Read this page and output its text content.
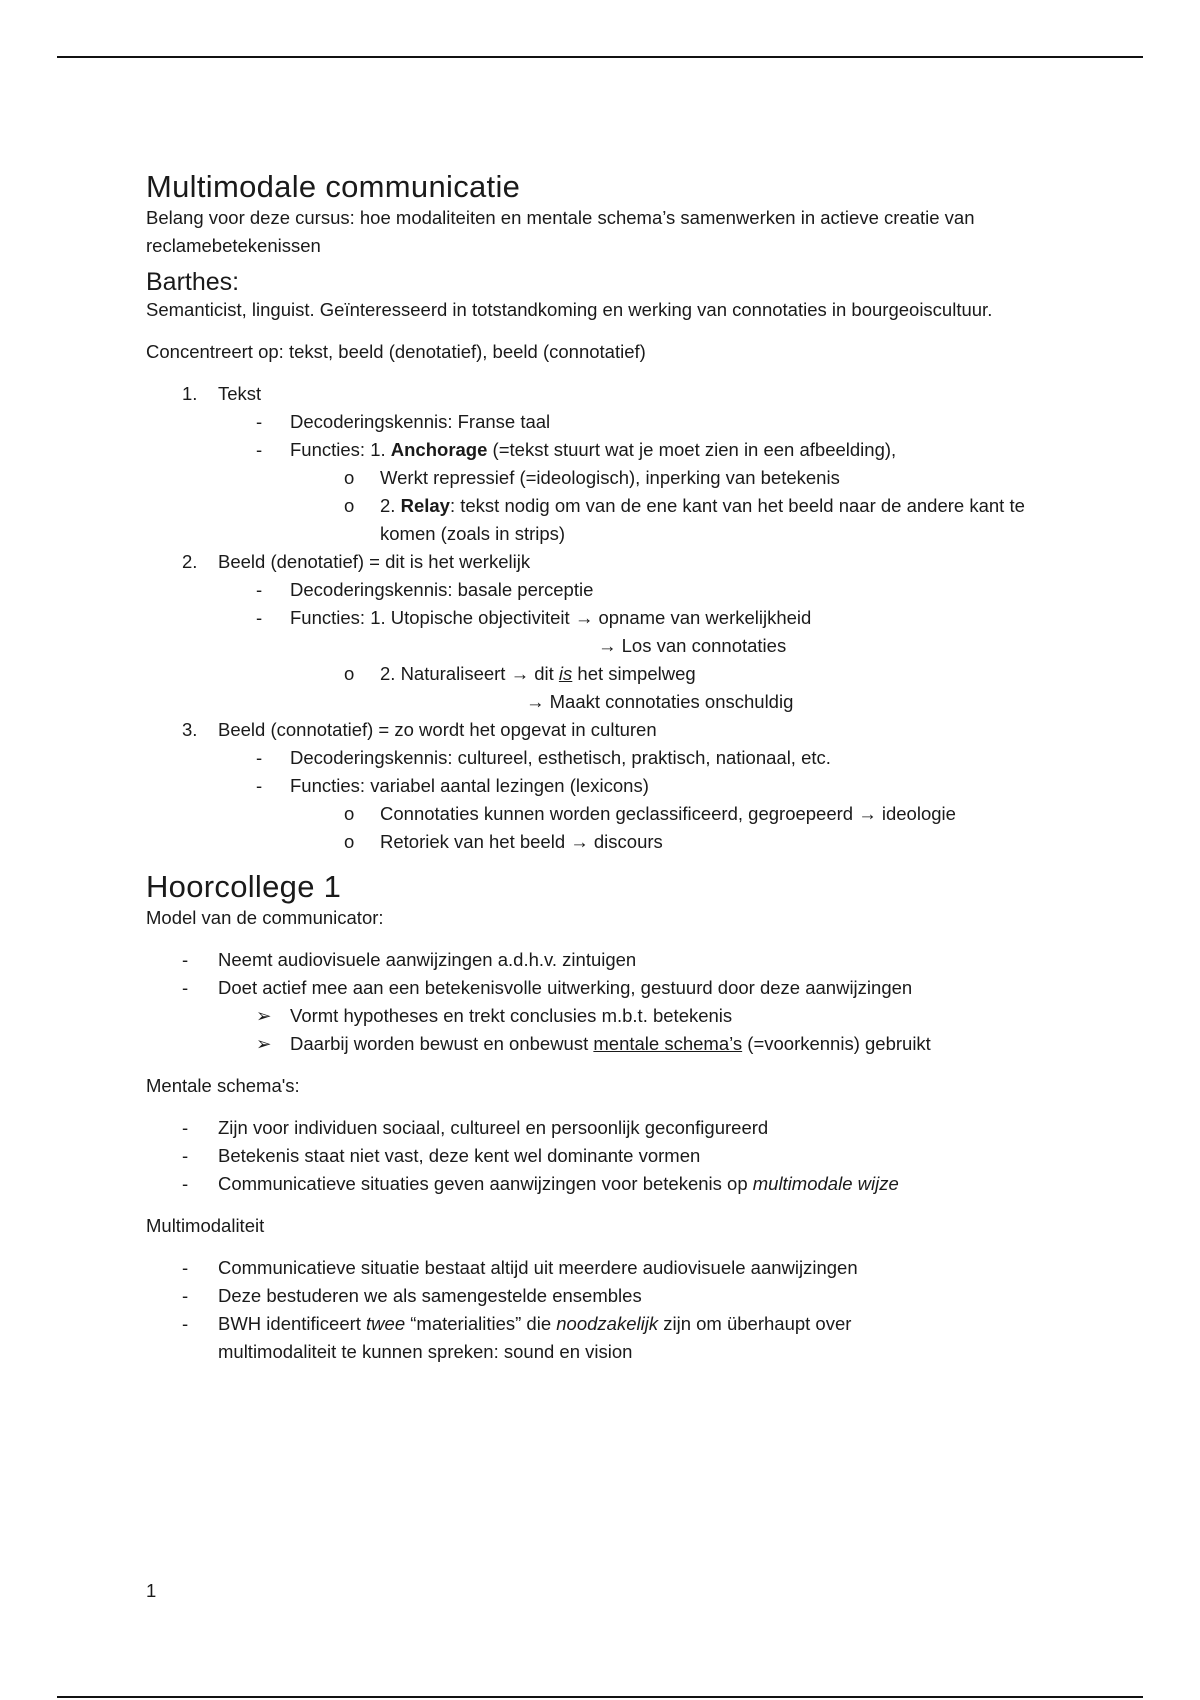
Multimodale communicatie

Belang voor deze cursus: hoe modaliteiten en mentale schema’s samenwerken in actieve creatie van reclamebetekenissen

Barthes:

Semanticist, linguist. Geïnteresseerd in totstandkoming en werking van connotaties in bourgeoiscultuur.

Concentreert op: tekst, beeld (denotatief), beeld (connotatief)

1. Tekst
- Decoderingskennis: Franse taal
- Functies: 1. Anchorage (=tekst stuurt wat je moet zien in een afbeelding),
o Werkt repressief (=ideologisch), inperking van betekenis
o 2. Relay: tekst nodig om van de ene kant van het beeld naar de andere kant te komen (zoals in strips)
2. Beeld (denotatief) = dit is het werkelijk
- Decoderingskennis: basale perceptie
- Functies: 1. Utopische objectiviteit → opname van werkelijkheid
→ Los van connotaties
o 2. Naturaliseert → dit is het simpelweg
→ Maakt connotaties onschuldig
3. Beeld (connotatief) = zo wordt het opgevat in culturen
- Decoderingskennis: cultureel, esthetisch, praktisch, nationaal, etc.
- Functies: variabel aantal lezingen (lexicons)
o Connotaties kunnen worden geclassificeerd, gegroepeerd → ideologie
o Retoriek van het beeld → discours
Hoorcollege 1

Model van de communicator:

- Neemt audiovisuele aanwijzingen a.d.h.v. zintuigen
- Doet actief mee aan een betekenisvolle uitwerking, gestuurd door deze aanwijzingen
➢ Vormt hypotheses en trekt conclusies m.b.t. betekenis
➢ Daarbij worden bewust en onbewust mentale schema’s (=voorkennis) gebruikt

Mentale schema's:

- Zijn voor individuen sociaal, cultureel en persoonlijk geconfigureerd
- Betekenis staat niet vast, deze kent wel dominante vormen
- Communicatieve situaties geven aanwijzingen voor betekenis op multimodale wijze

Multimodaliteit

- Communicatieve situatie bestaat altijd uit meerdere audiovisuele aanwijzingen
- Deze bestuderen we als samengestelde ensembles
- BWH identificeert twee “materialities” die noodzakelijk zijn om überhaupt over multimodaliteit te kunnen spreken: sound en vision
1
